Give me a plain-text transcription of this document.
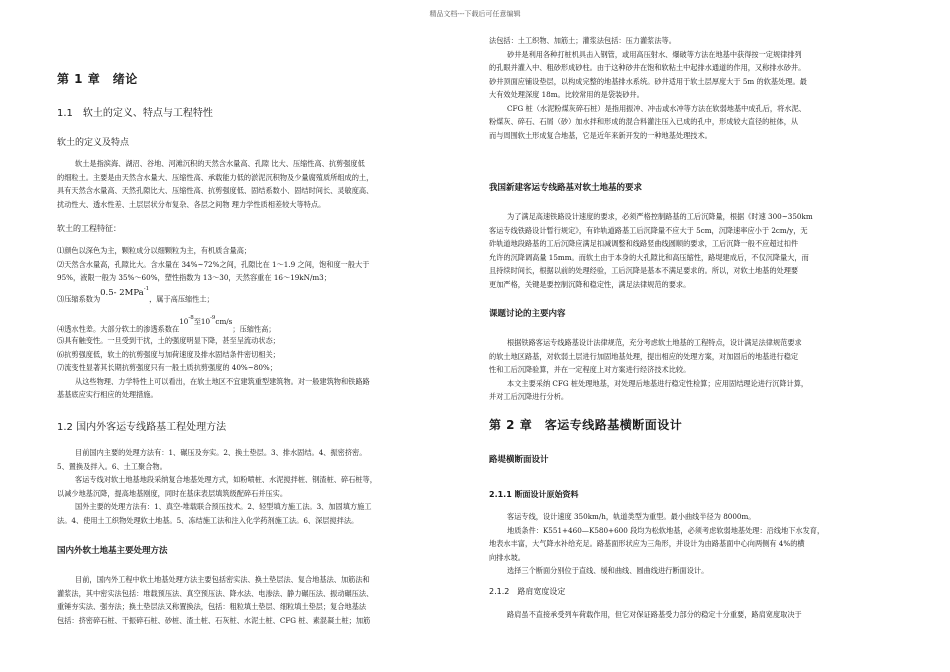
精品文档---下载后可任意编辑
第 1 章　绪论
1.1　软土的定义、特点与工程特性
软土的定义及特点

软土是指滨海、湖沼、谷地、河滩沉积的天然含水量高、孔隙 比大、压缩性高、抗剪强度低

的细粒土。主要是由天然含水量大、压缩性高、承载能力低的淤泥沉积物及少量腐殖质所组成的土，

具有天然含水量高、天然孔隙比大、压缩性高、抗剪强度低、固结系数小、固结时间长、灵敏度高、

扰动性大、透水性差、土层层状分布复杂、各层之间物 理力学性质相差较大等特点。

软土的工程特征：

⑴颜色以深色为主，颗粒成分以细颗粒为主，有机质含量高；

⑵天然含水量高，孔隙比大。含水量在 34%~72%之间，孔隙比在 1～1.9 之间，饱和度一般大于

95%，液限一般为 35%～60%，塑性指数为 13～30，天然容重在 16～19kN/m3；

⑶压缩系数为0.5- 2MPa$^{-1}$，属于高压缩性土；
⑷透水性差。大部分软土的渗透系数在$10^{-8}$至$10^{-9}cm/s$；压缩性高；

⑸具有触变性。一旦受到干扰，土的强度明显下降，甚至呈流动状态；

⑹抗剪强度低，软土的抗剪强度与加荷速度及排水固结条件密切相关；

⑺流变性显著其长期抗剪强度只有一般土质抗剪强度的 40%~80%；

从这些物理、力学特性上可以看出，在软土地区不宜建筑重型建筑物。对一般建筑物和铁路路

基基底应实行相应的处理措施。

1.2 国内外客运专线路基工程处理方法

目前国内主要的处理方法有：1、碾压及夯实。2、换土垫层。3、排水固结。4、振密挤密。

5、置换及拌入。6、土工聚合物。

客运专线对软土地基地段采纳复合地基处理方式，如粉喷桩、水泥搅拌桩、钢渣桩、碎石桩等，

以减少地基沉降，提高地基刚度，同时在基床表层填筑级配碎石并压实。

国外主要的处理方法有：1、真空-堆载联合预压技术。2、轻型填方施工法。3、加固填方施工

法。4、使用土工织物处理软土地基。5、冻结施工法和注入化学药剂施工法。6、深层搅拌法。

国内外软土地基主要处理方法

目前，国内外工程中软土地基处理方法主要包括密实法、换土垫层法、复合地基法、加筋法和

灌浆法，其中密实法包括：堆载预压法、真空预压法、降水法、电渗法、静力碾压法、振动碾压法、

重锤夯实法、强夯法；换土垫层法又称置换法，包括：粗粒填土垫层、细粒填土垫层；复合地基法

包括：挤密碎石桩、干振碎石桩、砂桩、渣土桩、石灰桩、水泥土桩、CFG 桩、素混凝土桩；加筋

法包括：土工织物、加筋土；灌浆法包括：压力灌浆法等。

砂井是利用各种打桩机具击入钢管，或用高压射水、爆破等方法在地基中获得按一定规律排列

的孔眼并灌入中、粗砂形成砂柱。由于这种砂井在饱和软粘土中起排水通道的作用，又称排水砂井。

砂井顶面应铺设垫层，以构成完整的地基排水系统。砂井适用于软土层厚度大于 5m 的软基处理。最

大有效处理深度 18m。比较常用的是袋装砂井。

CFG 桩（水泥粉煤灰碎石桩）是指用振冲、冲击或水冲等方法在软弱地基中成孔后，将水泥、

粉煤灰、碎石、石屑（砂）加水拌和形成的混合料灌注压入已成的孔中，形成较大直径的桩体，从

而与周围软土形成复合地基，它是近年来新开发的一种地基处理技术。

我国新建客运专线路基对软土地基的要求

为了满足高速铁路设计速度的要求，必须严格控制路基的工后沉降量，根据《时速 300~350km

客运专线铁路设计暂行规定》，有砟轨道路基工后沉降量不应大于 5cm，沉降速率应小于 2cm/y，无

砟轨道地段路基的工后沉降应满足扣减调整和线路竖曲线圆顺的要求，工后沉降一般不应超过扣件

允许的沉降调高量 15mm。而软土由于本身的大孔隙比和高压缩性，路堤建成后，不仅沉降量大，而

且持续时间长，根据以前的处理经验，工后沉降是基本不满足要求的。所以，对软土地基的处理要

更加严格，关键是要控制沉降和稳定性，满足法律规范的要求。

课题讨论的主要内容

根据铁路客运专线路基设计法律规范，充分考虑软土地基的工程特点，设计满足法律规范要求

的软土地区路基，对软弱土层进行加固地基处理，提出相应的处理方案，对加固后的地基进行稳定

性和工后沉降验算，并在一定程度上对方案进行经济技术比较。

本文主要采纳 CFG 桩处理地基，对处理后地基进行稳定性检算；应用固结理论进行沉降计算，

并对工后沉降进行分析。

第 2 章　客运专线路基横断面设计
路堤横断面设计
2.1.1 断面设计原始资料

客运专线，设计速度 350km/h，轨道类型为重型。最小曲线半径为 8000m。

地质条件：K551+460—K580+600 段均为松软地基，必须考虑软弱地基处理：沿线地下水发育，

地表水丰富，大气降水补给充足。路基面形状应为三角形，并设计为由路基面中心向两侧有 4%的横

向排水坡。

选择三个断面分别位于直线、缓和曲线、圆曲线进行断面设计。

2.1.2　路肩宽度设定

路肩虽不直接承受列车荷载作用，但它对保证路基受力部分的稳定十分重要，路肩宽度取决于
